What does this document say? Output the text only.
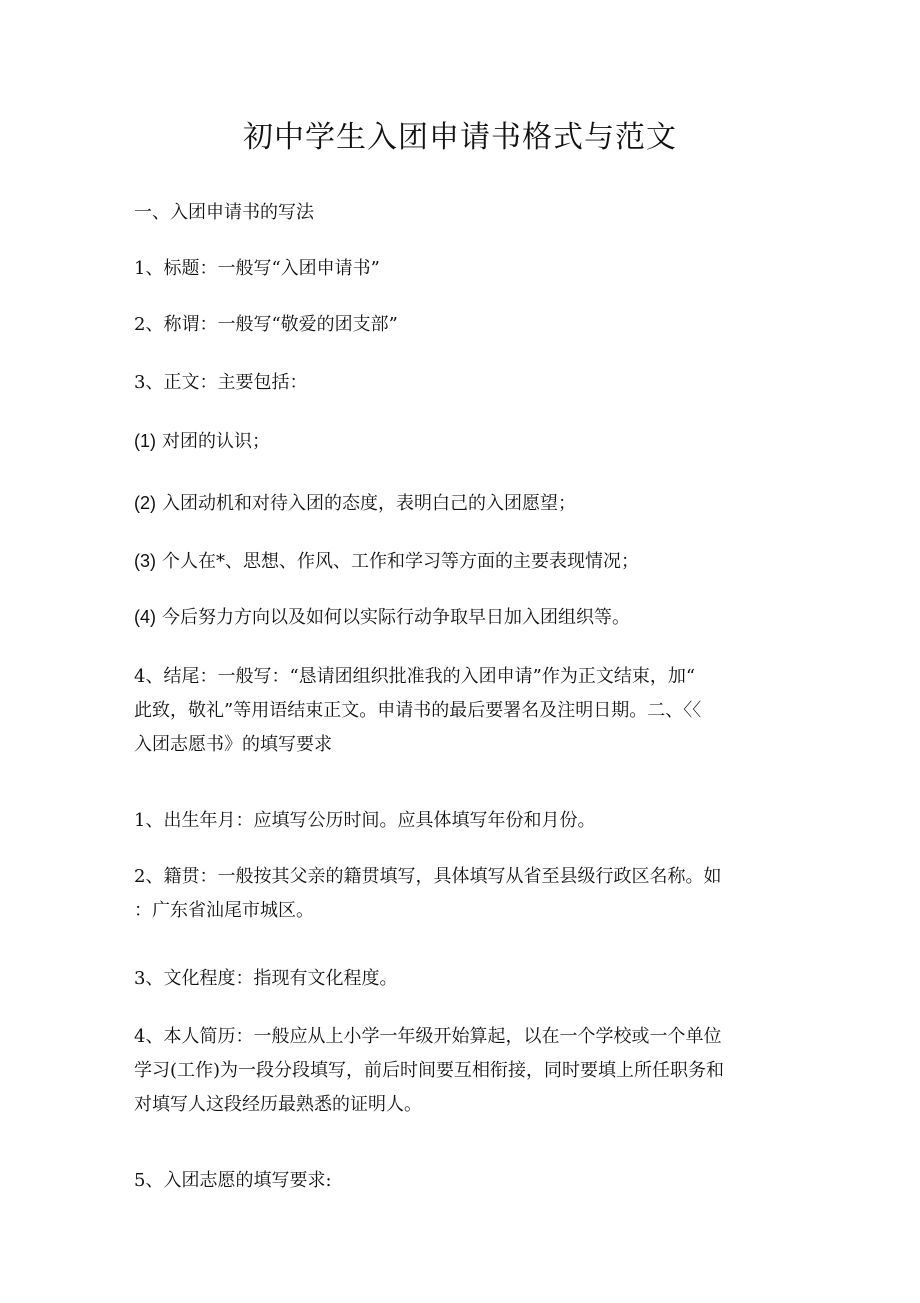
初中学生入团申请书格式与范文
一、入团申请书的写法
1、标题：一般写“入团申请书”
2、称谓：一般写“敬爱的团支部”
3、正文：主要包括：
(1) 对团的认识；
(2) 入团动机和对待入团的态度，表明白己的入团愿望；
(3) 个人在*、思想、作风、工作和学习等方面的主要表现情况；
(4) 今后努力方向以及如何以实际行动争取早日加入团组织等。
4、结尾：一般写：“恳请团组织批准我的入团申请”作为正文结束，加“
此致，敬礼”等用语结束正文。申请书的最后要署名及注明日期。二、〈〈
入团志愿书》的填写要求
1、出生年月：应填写公历时间。应具体填写年份和月份。
2、籍贯：一般按其父亲的籍贯填写，具体填写从省至县级行政区名称。如
：广东省汕尾市城区。
3、文化程度：指现有文化程度。
4、本人简历：一般应从上小学一年级开始算起，以在一个学校或一个单位
学习(工作)为一段分段填写，前后时间要互相衔接，同时要填上所任职务和
对填写人这段经历最熟悉的证明人。
5、入团志愿的填写要求:
